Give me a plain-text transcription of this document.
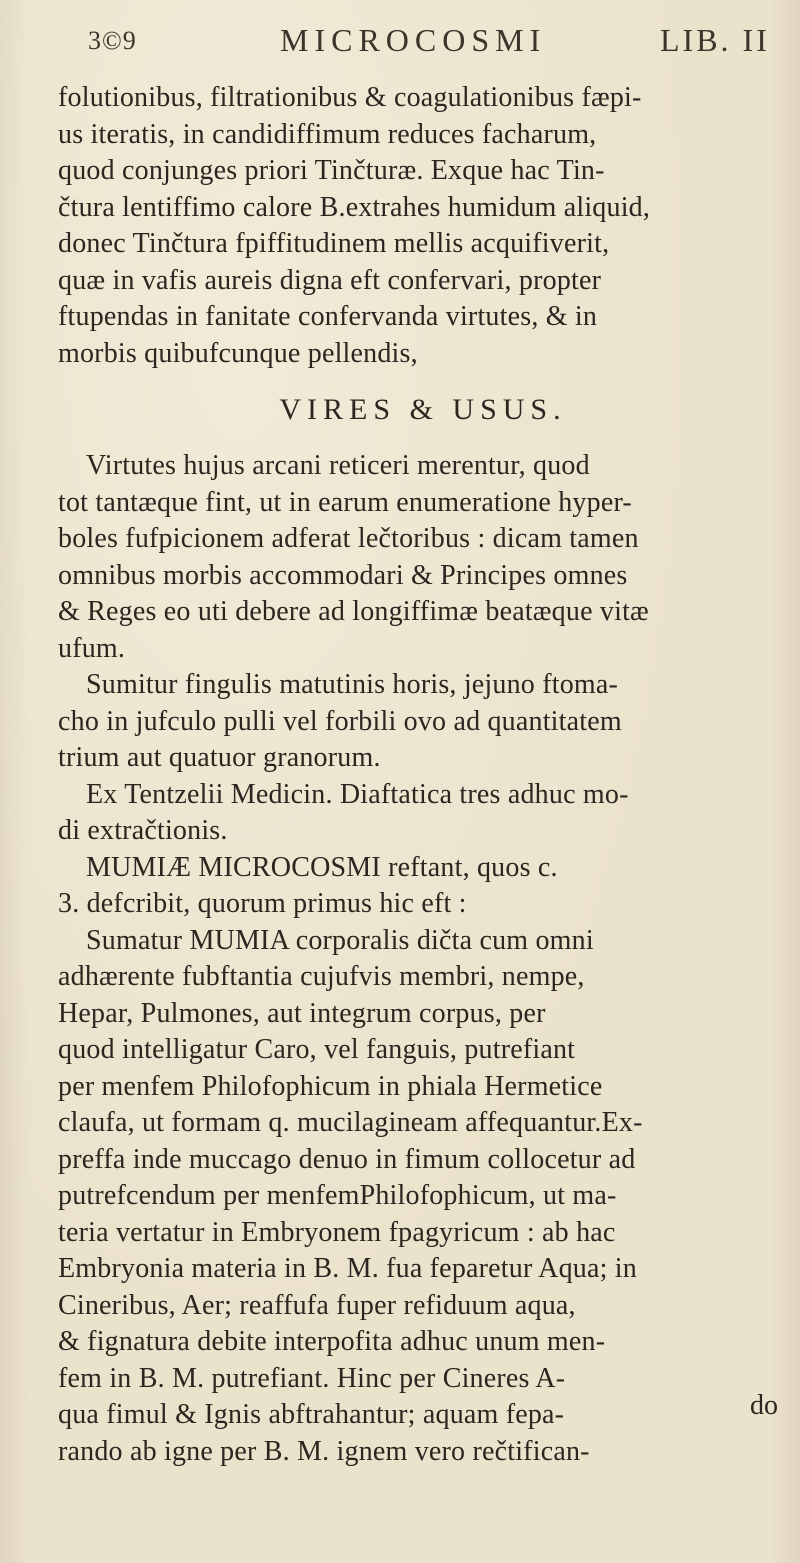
3©9	MICROCOSMI	LIB. II
folutionibus, filtrationibus & coagulationibus fæpi-
us iteratis, in candidiffimum reduces facharum,
quod conjunges priori Tinčturæ. Exque hac Tin-
čtura lentiffimo calore B.extrahes humidum aliquid,
donec Tinčtura fpiffitudinem mellis acquifiverit,
quæ in vafis aureis digna eft confervari, propter
ftupendas in fanitate confervanda virtutes, & in
morbis quibufcunque pellendis,
VIRES & USUS.
Virtutes hujus arcani reticeri merentur, quod
tot tantæque fint, ut in earum enumeratione hyper-
boles fufpicionem adferat lečtoribus : dicam tamen
omnibus morbis accommodari & Principes omnes
& Reges eo uti debere ad longiffimæ beatæque vitæ
ufum.
Sumitur fingulis matutinis horis, jejuno ftoma-
cho in jufculo pulli vel forbili ovo ad quantitatem
trium aut quatuor granorum.
Ex Tentzelii Medicin. Diaftatica tres adhuc mo-
di extračtionis.
MUMIÆ MICROCOSMI reftant, quos c.
3. defcribit, quorum primus hic eft :
Sumatur MUMIA corporalis dičta cum omni
adhærente fubftantia cujufvis membri, nempe,
Hepar, Pulmones, aut integrum corpus, per
quod intelligatur Caro, vel fanguis, putrefiant
per menfem Philofophicum in phiala Hermetice
claufa, ut formam q. mucilagineam affequantur.Ex-
preffa inde muccago denuo in fimum collocetur ad
putrefcendum per menfemPhilofophicum, ut ma-
teria vertatur in Embryonem fpagyricum : ab hac
Embryonia materia in B. M. fua feparetur Aqua; in
Cineribus, Aer; reaffufa fuper refiduum aqua,
& fignatura debite interpofita adhuc unum men-
fem in B. M. putrefiant. Hinc per Cineres A-
qua fimul & Ignis abftrahantur; aquam fepa-
rando ab igne per B. M. ignem vero rečtifican-
do
